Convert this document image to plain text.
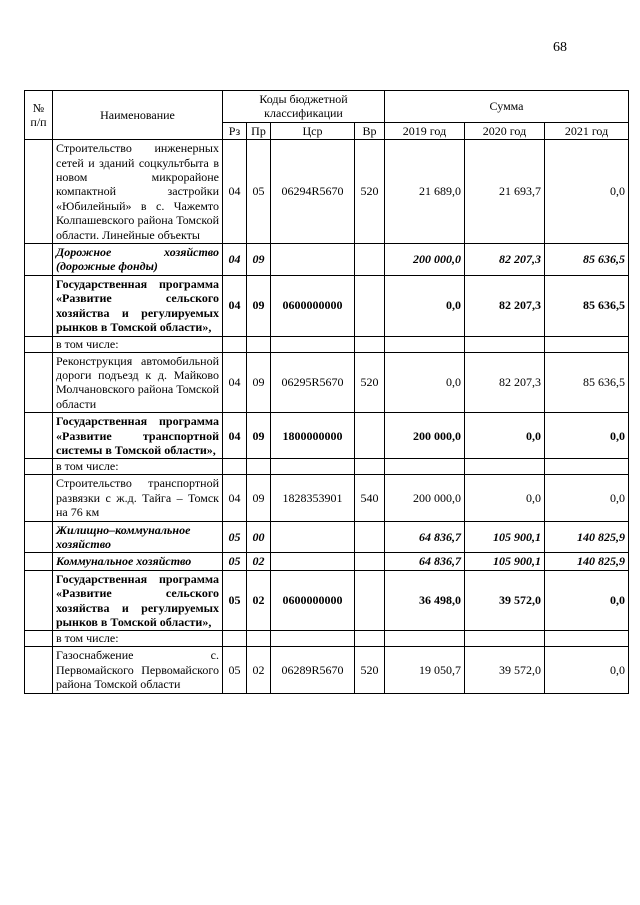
68
№ п/п	Наименование	Коды бюджетной классификации				Сумма		
		Рз	Пр	Цср	Вр	2019 год	2020 год	2021 год
	Строительство инженерных сетей и зданий соцкультбыта в новом микрорайоне компактной застройки «Юбилейный» в с. Чажемто Колпашевского района Томской области. Линейные объекты	04	05	06294R5670	520	21 689,0	21 693,7	0,0
	Дорожное хозяйство (дорожные фонды)	04	09			200 000,0	82 207,3	85 636,5
	Государственная программа «Развитие сельского хозяйства и регулируемых рынков в Томской области»,	04	09	0600000000		0,0	82 207,3	85 636,5
	в том числе:							
	Реконструкция автомобильной дороги подъезд к д. Майково Молчановского района Томской области	04	09	06295R5670	520	0,0	82 207,3	85 636,5
	Государственная программа «Развитие транспортной системы в Томской области»,	04	09	1800000000		200 000,0	0,0	0,0
	в том числе:							
	Строительство транспортной развязки с ж.д. Тайга – Томск на 76 км	04	09	1828353901	540	200 000,0	0,0	0,0
	Жилищно–коммунальное хозяйство	05	00			64 836,7	105 900,1	140 825,9
	Коммунальное хозяйство	05	02			64 836,7	105 900,1	140 825,9
	Государственная программа «Развитие сельского хозяйства и регулируемых рынков в Томской области»,	05	02	0600000000		36 498,0	39 572,0	0,0
	в том числе:							
	Газоснабжение с. Первомайского Первомайского района Томской области	05	02	06289R5670	520	19 050,7	39 572,0	0,0
